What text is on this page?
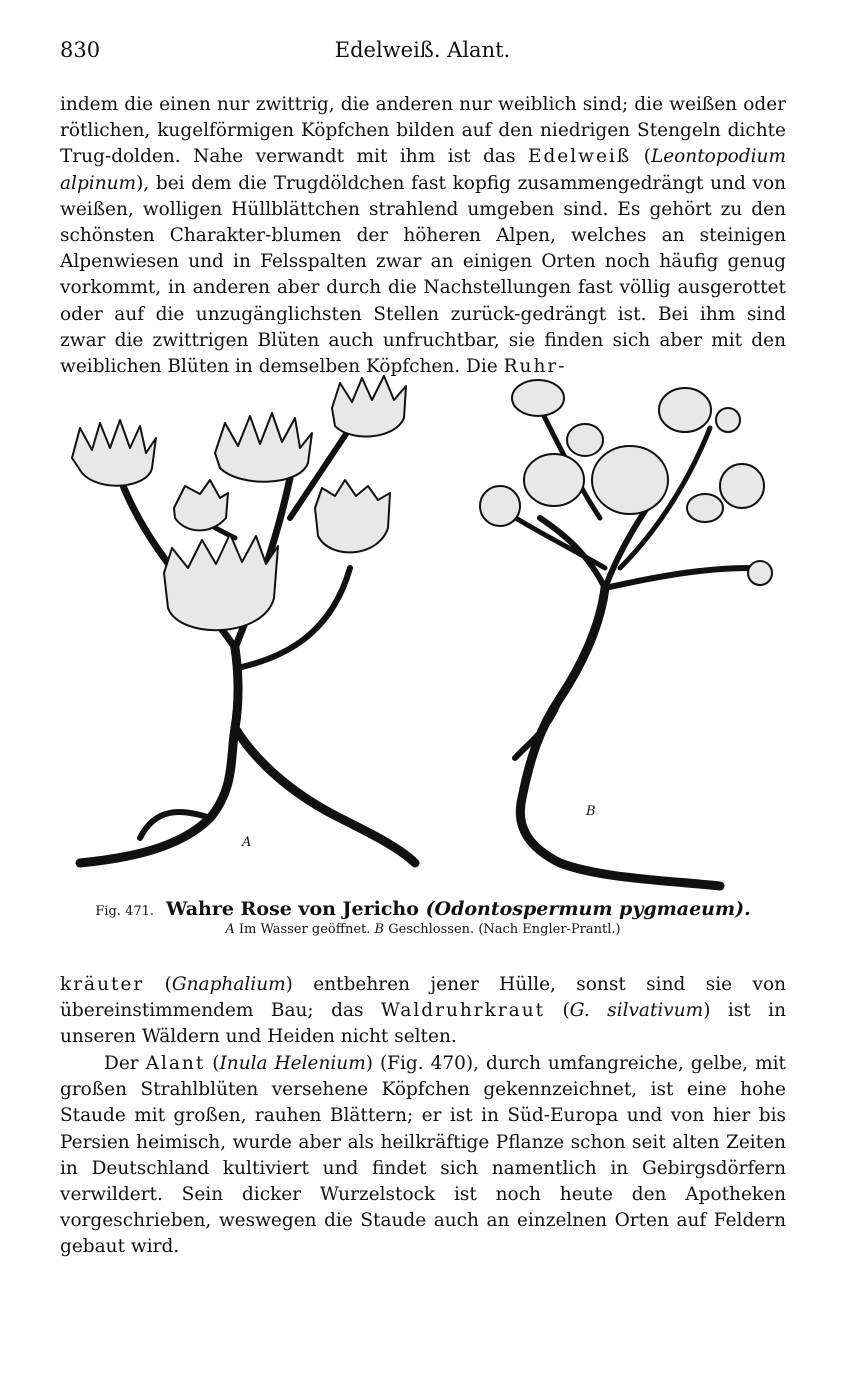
830	Edelweiß. Alant.

indem die einen nur zwittrig, die anderen nur weiblich sind; die weißen oder rötlichen, kugelförmigen Köpfchen bilden auf den niedrigen Stengeln dichte Trug-dolden. Nahe verwandt mit ihm ist das Edelweiß (Leontopodium alpinum), bei dem die Trugdöldchen fast kopfig zusammengedrängt und von weißen, wolligen Hüllblättchen strahlend umgeben sind. Es gehört zu den schönsten Charakter-blumen der höheren Alpen, welches an steinigen Alpenwiesen und in Felsspalten zwar an einigen Orten noch häufig genug vorkommt, in anderen aber durch die Nachstellungen fast völlig ausgerottet oder auf die unzugänglichsten Stellen zurück-gedrängt ist. Bei ihm sind zwar die zwittrigen Blüten auch unfruchtbar, sie finden sich aber mit den weiblichen Blüten in demselben Köpfchen. Die Ruhr-

A
B
Fig. 471. Wahre Rose von Jericho (Odontospermum pygmaeum).
A Im Wasser geöffnet. B Geschlossen. (Nach Engler-Prantl.)

kräuter (Gnaphalium) entbehren jener Hülle, sonst sind sie von übereinstimmendem Bau; das Waldruhrkraut (G. silvativum) ist in unseren Wäldern und Heiden nicht selten.

Der Alant (Inula Helenium) (Fig. 470), durch umfangreiche, gelbe, mit großen Strahlblüten versehene Köpfchen gekennzeichnet, ist eine hohe Staude mit großen, rauhen Blättern; er ist in Süd-Europa und von hier bis Persien heimisch, wurde aber als heilkräftige Pflanze schon seit alten Zeiten in Deutschland kultiviert und findet sich namentlich in Gebirgsdörfern verwildert. Sein dicker Wurzelstock ist noch heute den Apotheken vorgeschrieben, weswegen die Staude auch an einzelnen Orten auf Feldern gebaut wird.
